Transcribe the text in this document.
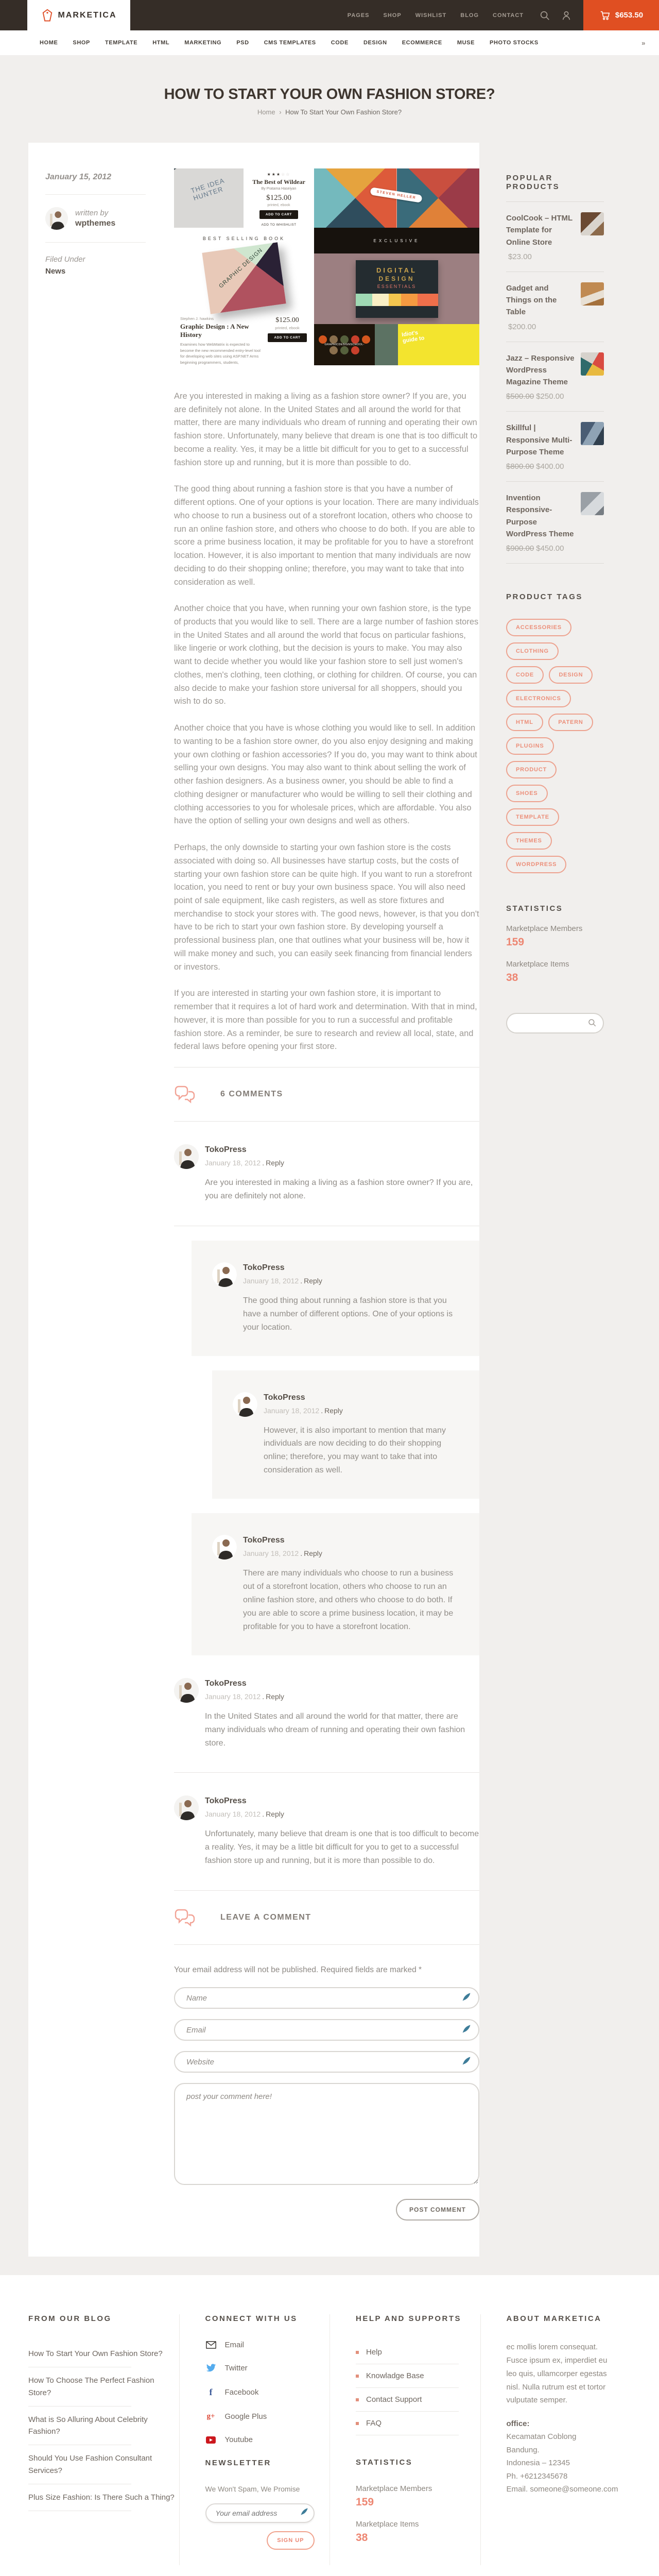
MARKETICA	PAGES SHOP WISHLIST BLOG CONTACT	$653.50
HOME	SHOP	TEMPLATE	HTML	MARKETING	PSD	CMS TEMPLATES	CODE	DESIGN	ECOMMERCE	MUSE	PHOTO STOCKS	»
HOW TO START YOUR OWN FASHION STORE?
Home › How To Start Your Own Fashion Store?
January 15, 2012
written by
wpthemes
Filed Under
News
THE IDEA HUNTER
★★★☆☆
The Best of Wildear
By Pratama Haseiyan
$125.00
printed, ebook
ADD TO CART
ADD TO WHISHLIST
STEVEN HELLER
BEST SELLING BOOK
GRAPHIC DESIGN
Stephen J. hawkins
Graphic Design : A New History
Examines how WebMatrix is expected to become the new recommended entry-level tool for developing web sites using ASP.NET Arms beginning programmers, students,
$125.00
printed, ebook
ADD TO CART
EXCLUSIVE
DIGITAL
DESIGN
ESSENTIALS
GRAPHICDESIGNSCHOOL-
Idiot's guide to

Are you interested in making a living as a fashion store owner? If you are, you are definitely not alone. In the United States and all around the world for that matter, there are many individuals who dream of running and operating their own fashion store. Unfortunately, many believe that dream is one that is too difficult to become a reality. Yes, it may be a little bit difficult for you to get to a successful fashion store up and running, but it is more than possible to do.

The good thing about running a fashion store is that you have a number of different options. One of your options is your location. There are many individuals who choose to run a business out of a storefront location, others who choose to run an online fashion store, and others who choose to do both. If you are able to score a prime business location, it may be profitable for you to have a storefront location. However, it is also important to mention that many individuals are now deciding to do their shopping online; therefore, you may want to take that into consideration as well.

Another choice that you have, when running your own fashion store, is the type of products that you would like to sell. There are a large number of fashion stores in the United States and all around the world that focus on particular fashions, like lingerie or work clothing, but the decision is yours to make. You may also want to decide whether you would like your fashion store to sell just women's clothes, men's clothing, teen clothing, or clothing for children. Of course, you can also decide to make your fashion store universal for all shoppers, should you wish to do so.

Another choice that you have is whose clothing you would like to sell. In addition to wanting to be a fashion store owner, do you also enjoy designing and making your own clothing or fashion accessories? If you do, you may want to think about selling your own designs. You may also want to think about selling the work of other fashion designers. As a business owner, you should be able to find a clothing designer or manufacturer who would be willing to sell their clothing and clothing accessories to you for wholesale prices, which are affordable. You also have the option of selling your own designs and well as others.

Perhaps, the only downside to starting your own fashion store is the costs associated with doing so. All businesses have startup costs, but the costs of starting your own fashion store can be quite high. If you want to run a storefront location, you need to rent or buy your own business space. You will also need point of sale equipment, like cash registers, as well as store fixtures and merchandise to stock your stores with. The good news, however, is that you don't have to be rich to start your own fashion store. By developing yourself a professional business plan, one that outlines what your business will be, how it will make money and such, you can easily seek financing from financial lenders or investors.

If you are interested in starting your own fashion store, it is important to remember that it requires a lot of hard work and determination. With that in mind, however, it is more than possible for you to run a successful and profitable fashion store. As a reminder, be sure to research and review all local, state, and federal laws before opening your first store.

6 COMMENTS
TokoPress
January 18, 2012 . Reply

Are you interested in making a living as a fashion store owner? If you are, you are definitely not alone.

TokoPress
January 18, 2012 . Reply

The good thing about running a fashion store is that you have a number of different options. One of your options is your location.

TokoPress
January 18, 2012 . Reply

However, it is also important to mention that many individuals are now deciding to do their shopping online; therefore, you may want to take that into consideration as well.

TokoPress
January 18, 2012 . Reply

There are many individuals who choose to run a business out of a storefront location, others who choose to run an online fashion store, and others who choose to do both. If you are able to score a prime business location, it may be profitable for you to have a storefront location.

TokoPress
January 18, 2012 . Reply

In the United States and all around the world for that matter, there are many individuals who dream of running and operating their own fashion store.

TokoPress
January 18, 2012 . Reply

Unfortunately, many believe that dream is one that is too difficult to become a reality. Yes, it may be a little bit difficult for you to get to a successful fashion store up and running, but it is more than possible to do.

LEAVE A COMMENT
Your email address will not be published. Required fields are marked *
Name
Email
Website
post your comment here!
POST COMMENT
POPULAR PRODUCTS
CoolCook – HTML Template for Online Store
$23.00
Gadget and Things on the Table
$200.00
Jazz – Responsive WordPress Magazine Theme
$500.00 $250.00
Skillful | Responsive Multi-Purpose Theme
$800.00 $400.00
Invention Responsive-Purpose WordPress Theme
$900.00 $450.00
PRODUCT TAGS
ACCESSORIES CLOTHING CODE	DESIGN ELECTRONICS HTML	PATERN PLUGINS PRODUCT SHOES TEMPLATE THEMES WORDPRESS
STATISTICS
Marketplace Members
159
Marketplace Items
38
FROM OUR BLOG
How To Start Your Own Fashion Store?
How To Choose The Perfect Fashion Store?
What is So Alluring About Celebrity Fashion?
Should You Use Fashion Consultant Services?
Plus Size Fashion: Is There Such a Thing?
CONNECT WITH US
Email
Twitter
f	Facebook
g+ Google Plus
Youtube
NEWSLETTER
We Won't Spam, We Promise
Your email address
SIGN UP
HELP AND SUPPORTS
Help
Knowladge Base
Contact Support
FAQ
STATISTICS
Marketplace Members
159
Marketplace Items
38
ABOUT MARKETICA

ec mollis lorem consequat. Fusce ipsum ex, imperdiet eu leo quis, ullamcorper egestas nisl. Nulla rutrum est et tortor vulputate semper.

office:
Kecamatan Coblong
Bandung.
Indonesia – 12345
Ph. +6212345678
Email. someone@someone.com
